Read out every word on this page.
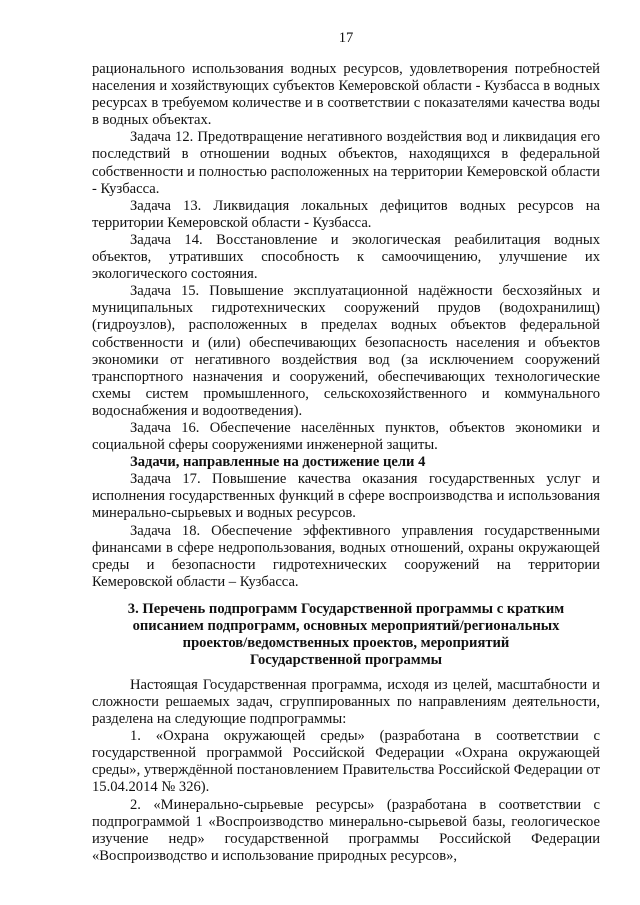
17

рационального использования водных ресурсов, удовлетворения потребностей населения и хозяйствующих субъектов Кемеровской области - Кузбасса в водных ресурсах в требуемом количестве и в соответствии с показателями качества воды в водных объектах.

Задача 12. Предотвращение негативного воздействия вод и ликвидация его последствий в отношении водных объектов, находящихся в федеральной собственности и полностью расположенных на территории Кемеровской области - Кузбасса.

Задача 13. Ликвидация локальных дефицитов водных ресурсов на территории Кемеровской области - Кузбасса.

Задача 14. Восстановление и экологическая реабилитация водных объектов, утративших способность к самоочищению, улучшение их экологического состояния.

Задача 15. Повышение эксплуатационной надёжности бесхозяйных и муниципальных гидротехнических сооружений прудов (водохранилищ) (гидроузлов), расположенных в пределах водных объектов федеральной собственности и (или) обеспечивающих безопасность населения и объектов экономики от негативного воздействия вод (за исключением сооружений транспортного назначения и сооружений, обеспечивающих технологические схемы систем промышленного, сельскохозяйственного и коммунального водоснабжения и водоотведения).

Задача 16. Обеспечение населённых пунктов, объектов экономики и социальной сферы сооружениями инженерной защиты.

Задачи, направленные на достижение цели 4

Задача 17. Повышение качества оказания государственных услуг и исполнения государственных функций в сфере воспроизводства и использования минерально-сырьевых и водных ресурсов.

Задача 18. Обеспечение эффективного управления государственными финансами в сфере недропользования, водных отношений, охраны окружающей среды и безопасности гидротехнических сооружений на территории Кемеровской области – Кузбасса.

3. Перечень подпрограмм Государственной программы с кратким
описанием подпрограмм, основных мероприятий/региональных
проектов/ведомственных проектов, мероприятий
Государственной программы

Настоящая Государственная программа, исходя из целей, масштабности и сложности решаемых задач, сгруппированных по направлениям деятельности, разделена на следующие подпрограммы:

1. «Охрана окружающей среды» (разработана в соответствии с государственной программой Российской Федерации «Охрана окружающей среды», утверждённой постановлением Правительства Российской Федерации от 15.04.2014 № 326).

2. «Минерально-сырьевые ресурсы» (разработана в соответствии с подпрограммой 1 «Воспроизводство минерально-сырьевой базы, геологическое изучение недр» государственной программы Российской Федерации «Воспроизводство и использование природных ресурсов»,
